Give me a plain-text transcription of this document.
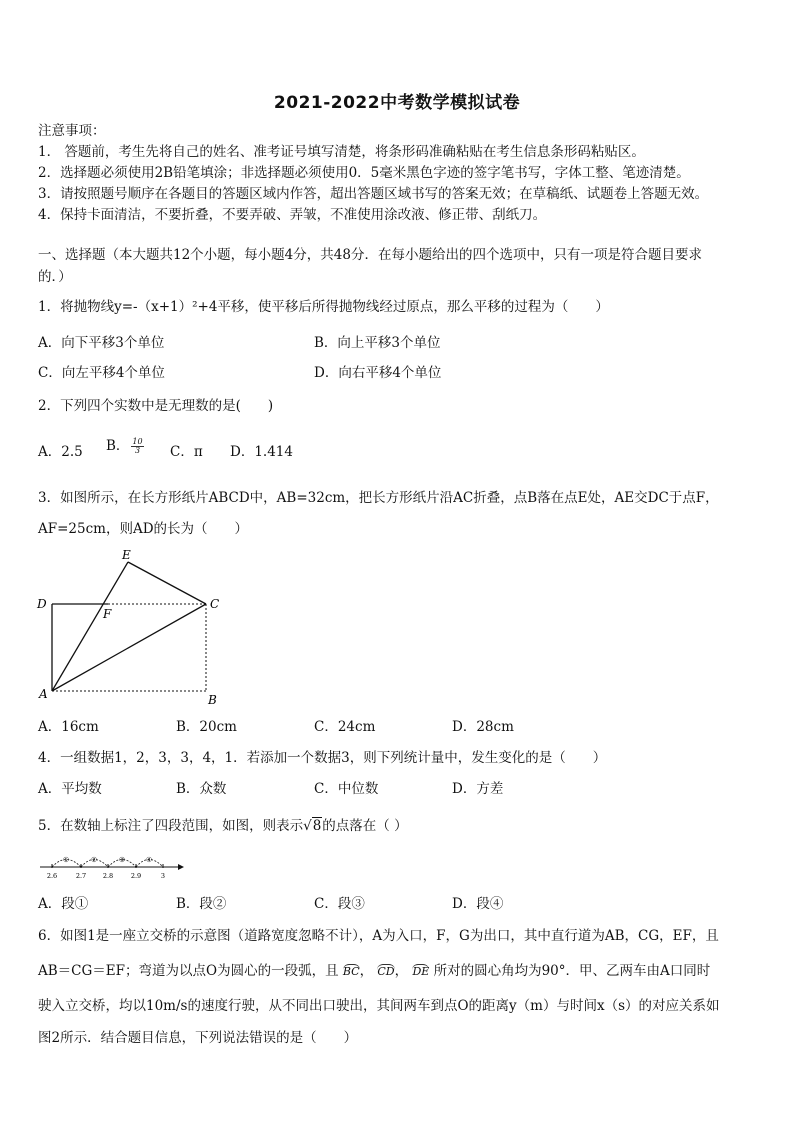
2021-2022中考数学模拟试卷
注意事项：
1． 答题前，考生先将自己的姓名、准考证号填写清楚，将条形码准确粘贴在考生信息条形码粘贴区。
2．选择题必须使用2B铅笔填涂；非选择题必须使用0．5毫米黑色字迹的签字笔书写，字体工整、笔迹清楚。
3．请按照题号顺序在各题目的答题区域内作答，超出答题区域书写的答案无效；在草稿纸、试题卷上答题无效。
4．保持卡面清洁，不要折叠，不要弄破、弄皱，不准使用涂改液、修正带、刮纸刀。
一、选择题（本大题共12个小题，每小题4分，共48分．在每小题给出的四个选项中，只有一项是符合题目要求
的．）
1．将抛物线y=-（x+1）²+4平移，使平移后所得抛物线经过原点，那么平移的过程为（　　）
A．向下平移3个单位	B．向上平移3个单位
C．向左平移4个单位	D．向右平移4个单位
2．下列四个实数中是无理数的是(　　)
A．2.5 B． $\frac{10}{3}$ C．π D．1.414
3．如图所示，在长方形纸片ABCD中，AB=32cm，把长方形纸片沿AC折叠，点B落在点E处，AE交DC于点F，
AF=25cm，则AD的长为（　　）
E
D
F
C
A	B
A．16cm	B．20cm	C．24cm	D．28cm
4．一组数据1，2，3，3，4，1．若添加一个数据3，则下列统计量中，发生变化的是（　　）
A．平均数	B．众数	C．中位数	D．方差
5．在数轴上标注了四段范围，如图，则表示√8的点落在（ ）
①	②	③	④
2.6	2.7	2.8	2.9	3
A．段①	B．段②	C．段③	D．段④
6．如图1是一座立交桥的示意图（道路宽度忽略不计），A为入口，F，G为出口，其中直行道为AB，CG，EF，且
AB＝CG＝EF；弯道为以点O为圆心的一段弧，且 BC， CD， DE 所对的圆心角均为90°．甲、乙两车由A口同时
驶入立交桥，均以10m/s的速度行驶，从不同出口驶出，其间两车到点O的距离y（m）与时间x（s）的对应关系如
图2所示．结合题目信息，下列说法错误的是（　　）
